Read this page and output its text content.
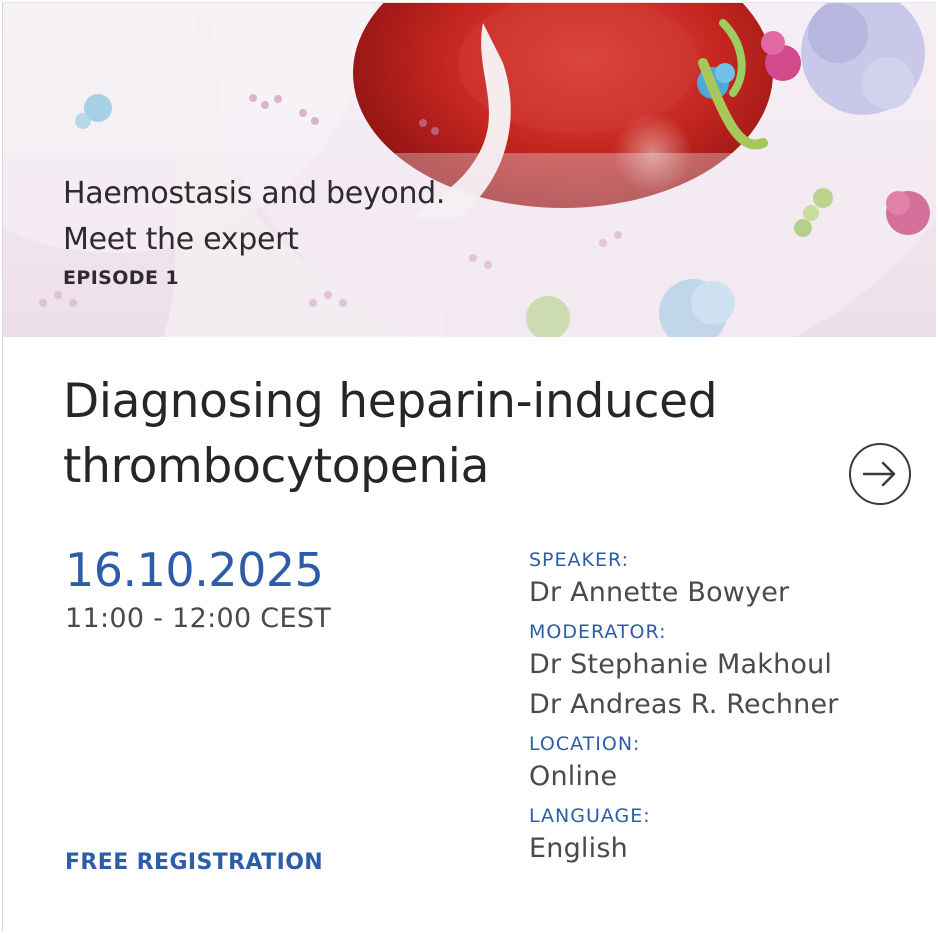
Haemostasis and beyond.
Meet the expert
EPISODE 1
Diagnosing heparin-induced thrombocytopenia
16.10.2025
11:00 - 12:00 CEST
FREE REGISTRATION
SPEAKER:
Dr Annette Bowyer
MODERATOR:
Dr Stephanie Makhoul
Dr Andreas R. Rechner
LOCATION:
Online
LANGUAGE:
English
